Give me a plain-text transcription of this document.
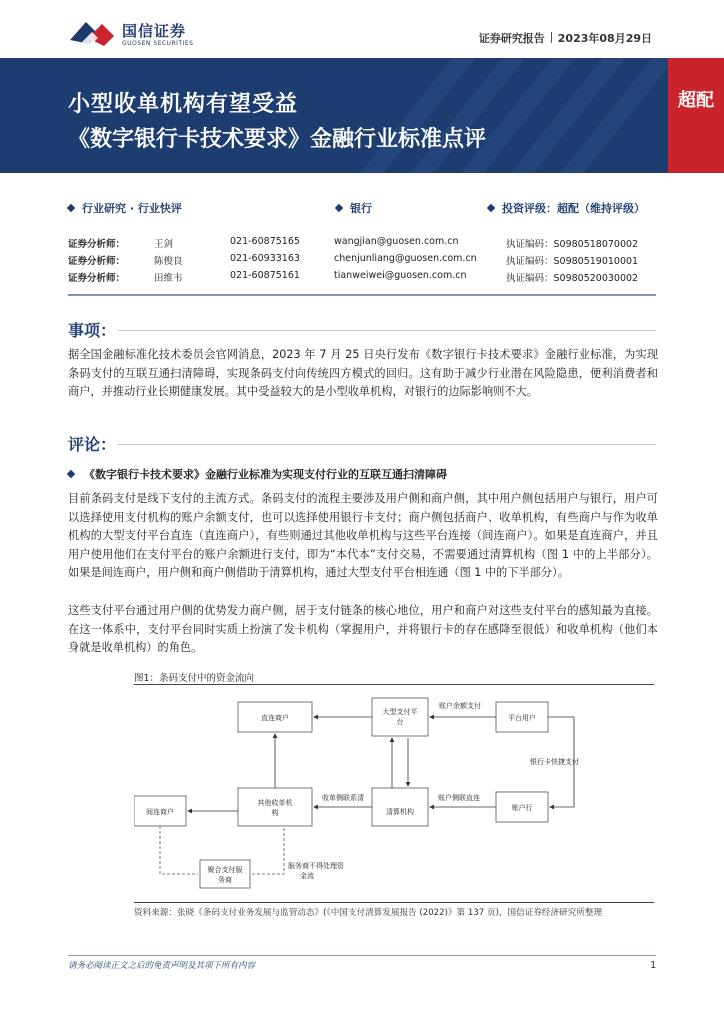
国信证券
GUOSEN SECURITIES	证券研究报告 2023年08月29日
小型收单机构有望受益
《数字银行卡技术要求》金融行业标准点评
超配
行业研究 · 行业快评	银行	投资评级：超配（维持评级）
证券分析师：	王剑	021-60875165	wangjian@guosen.com.cn	执证编码：S0980518070002
证券分析师：	陈俊良	021-60933163	chenjunliang@guosen.com.cn	执证编码：S0980519010001
证券分析师：	田维韦	021-60875161	tianweiwei@guosen.com.cn	执证编码：S0980520030002
事项：
据全国金融标准化技术委员会官网消息，2023 年 7 月 25 日央行发布《数字银行卡技术要求》金融行业标准，为实现条码支付的互联互通扫清障碍，实现条码支付向传统四方模式的回归。这有助于减少行业潜在风险隐患，便利消费者和商户，并推动行业长期健康发展。其中受益较大的是小型收单机构，对银行的边际影响则不大。
评论：
《数字银行卡技术要求》金融行业标准为实现支付行业的互联互通扫清障碍
目前条码支付是线下支付的主流方式。条码支付的流程主要涉及用户侧和商户侧，其中用户侧包括用户与银行，用户可以选择使用支付机构的账户余额支付，也可以选择使用银行卡支付；商户侧包括商户、收单机构，有些商户与作为收单机构的大型支付平台直连（直连商户），有些则通过其他收单机构与这些平台连接（间连商户）。如果是直连商户，并且用户使用他们在支付平台的账户余额进行支付，即为“本代本”支付交易，不需要通过清算机构（图 1 中的上半部分）。如果是间连商户，用户侧和商户侧借助于清算机构，通过大型支付平台相连通（图 1 中的下半部分）。
这些支付平台通过用户侧的优势发力商户侧，居于支付链条的核心地位，用户和商户对这些支付平台的感知最为直接。在这一体系中，支付平台同时实质上扮演了发卡机构（掌握用户，并将银行卡的存在感降至很低）和收单机构（他们本身就是收单机构）的角色。
图1：条码支付中的资金流向
直连商户
大型支付平
台	平台用户
间连商户
其他收单机
构	清算机构	账户行
聚合支付服
务商
账户余额支付
银行卡快捷支付
收单侧联系清	账户侧联直连
服务商不得处理资
金流
资料来源：张晓《条码支付业务发展与监管动态》(《中国支付清算发展报告 (2022)》第 137 页)，国信证券经济研究所整理
请务必阅读正文之后的免责声明及其项下所有内容	1
